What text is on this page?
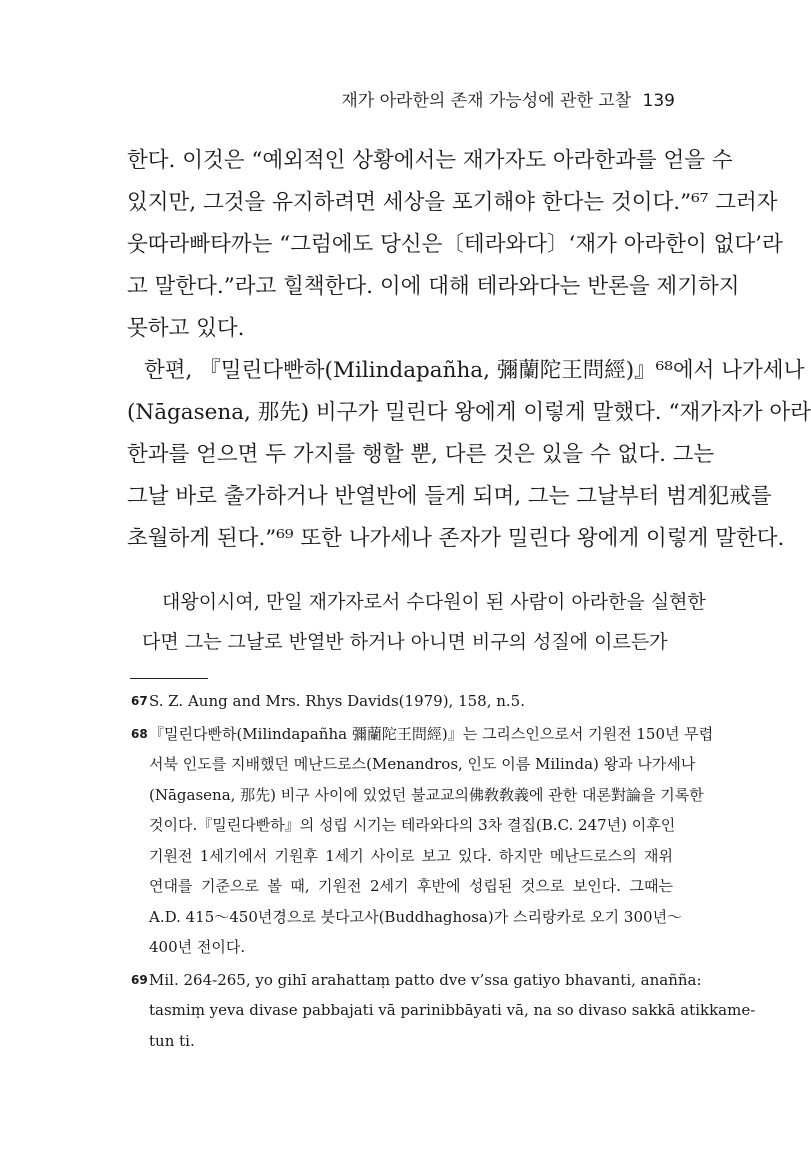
재가 아라한의 존재 가능성에 관한 고찰 139
한다. 이것은 “예외적인 상황에서는 재가자도 아라한과를 얻을 수
있지만, 그것을 유지하려면 세상을 포기해야 한다는 것이다.”⁶⁷ 그러자
웃따라빠타까는 “그럼에도 당신은〔테라와다〕‘재가 아라한이 없다’라
고 말한다.”라고 힐책한다. 이에 대해 테라와다는 반론을 제기하지
못하고 있다.
한편, 『밀린다빤하(Milindapañha, 彌蘭陀王問經)』⁶⁸에서 나가세나
(Nāgasena, 那先) 비구가 밀린다 왕에게 이렇게 말했다. “재가자가 아라
한과를 얻으면 두 가지를 행할 뿐, 다른 것은 있을 수 없다. 그는
그날 바로 출가하거나 반열반에 들게 되며, 그는 그날부터 범계犯戒를
초월하게 된다.”⁶⁹ 또한 나가세나 존자가 밀린다 왕에게 이렇게 말한다.
대왕이시여, 만일 재가자로서 수다원이 된 사람이 아라한을 실현한
다면 그는 그날로 반열반 하거나 아니면 비구의 성질에 이르든가
67 S. Z. Aung and Mrs. Rhys Davids(1979), 158, n.5.
68 『밀린다빤하(Milindapañha 彌蘭陀王問經)』는 그리스인으로서 기원전 150년 무렵
서북 인도를 지배했던 메난드로스(Menandros, 인도 이름 Milinda) 왕과 나가세나
(Nāgasena, 那先) 비구 사이에 있었던 불교교의佛敎敎義에 관한 대론對論을 기록한
것이다.『밀린다빤하』의 성립 시기는 테라와다의 3차 결집(B.C. 247년) 이후인
기원전 1세기에서 기원후 1세기 사이로 보고 있다. 하지만 메난드로스의 재위
연대를 기준으로 볼 때, 기원전 2세기 후반에 성립된 것으로 보인다. 그때는
A.D. 415～450년경으로 붓다고사(Buddhaghosa)가 스리랑카로 오기 300년～
400년 전이다.
69 Mil. 264-265, yo gihī arahattaṃ patto dve v’ssa gatiyo bhavanti, anañña:
tasmiṃ yeva divase pabbajati vā parinibbāyati vā, na so divaso sakkā atikkame-
tun ti.
